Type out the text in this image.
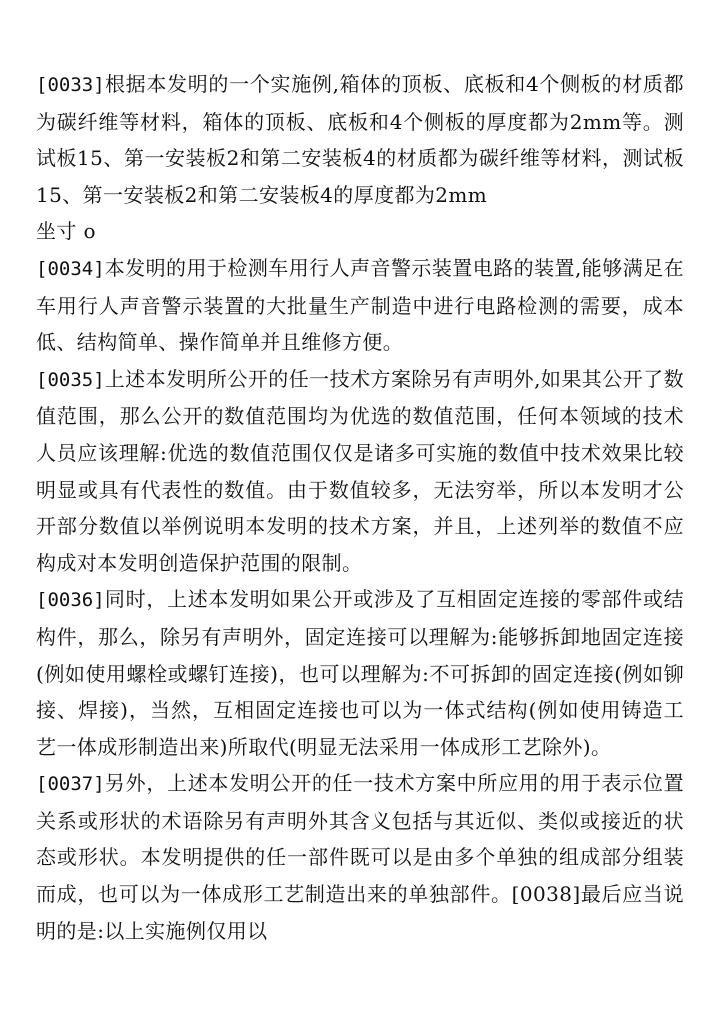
[0033]根据本发明的一个实施例,箱体的顶板、底板和4个侧板的材质都为碳纤维等材料，箱体的顶板、底板和4个侧板的厚度都为2mm等。测试板15、第一安装板2和第二安装板4的材质都为碳纤维等材料，测试板15、第一安装板2和第二安装板4的厚度都为2mm

坐寸 o

[0034]本发明的用于检测车用行人声音警示装置电路的装置,能够满足在车用行人声音警示装置的大批量生产制造中进行电路检测的需要，成本低、结构简单、操作简单并且维修方便。

[0035]上述本发明所公开的任一技术方案除另有声明外,如果其公开了数值范围，那么公开的数值范围均为优选的数值范围，任何本领域的技术人员应该理解:优选的数值范围仅仅是诸多可实施的数值中技术效果比较明显或具有代表性的数值。由于数值较多，无法穷举，所以本发明才公开部分数值以举例说明本发明的技术方案，并且，上述列举的数值不应构成对本发明创造保护范围的限制。

[0036]同时，上述本发明如果公开或涉及了互相固定连接的零部件或结构件，那么，除另有声明外，固定连接可以理解为:能够拆卸地固定连接(例如使用螺栓或螺钉连接)，也可以理解为:不可拆卸的固定连接(例如铆接、焊接)，当然，互相固定连接也可以为一体式结构(例如使用铸造工艺一体成形制造出来)所取代(明显无法采用一体成形工艺除外)。

[0037]另外，上述本发明公开的任一技术方案中所应用的用于表示位置关系或形状的术语除另有声明外其含义包括与其近似、类似或接近的状态或形状。本发明提供的任一部件既可以是由多个单独的组成部分组装而成，也可以为一体成形工艺制造出来的单独部件。[0038]最后应当说明的是:以上实施例仅用以
